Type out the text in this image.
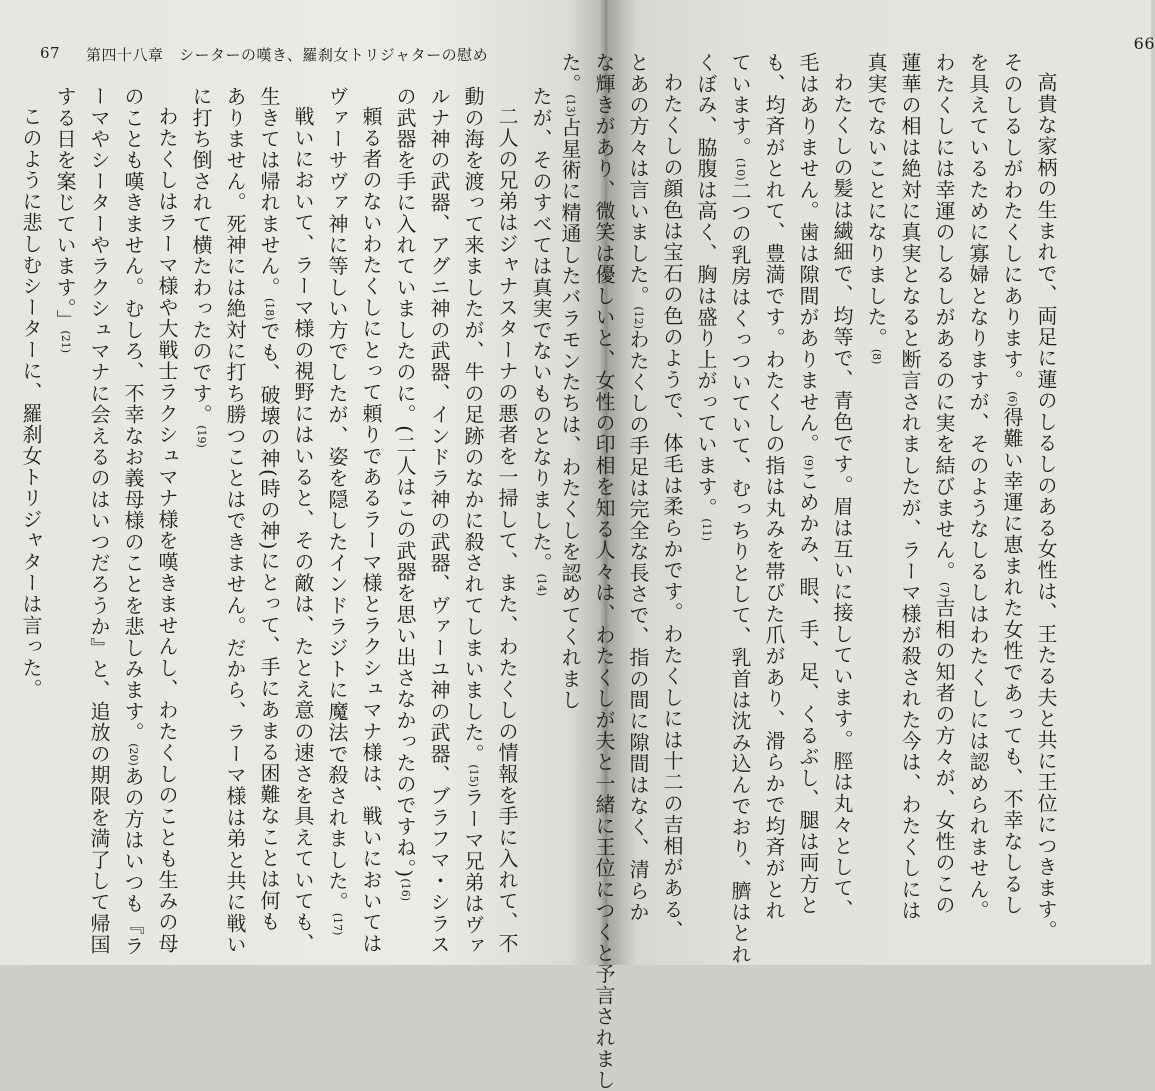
67 第四十八章　シーターの嘆き、羅刹女トリジャターの慰め
たが、そのすべては真実でないものとなりました。(14)
二人の兄弟はジャナスターナの悪者を一掃して、また、わたくしの情報を手に入れて、不
動の海を渡って来ましたが、牛の足跡のなかに殺されてしまいました。(15)ラーマ兄弟はヴァ
ルナ神の武器、アグニ神の武器、インドラ神の武器、ヴァーユ神の武器、ブラフマ・シラス
の武器を手に入れていましたのに。(二人はこの武器を思い出さなかったのですね。)(16)
頼る者のないわたくしにとって頼りであるラーマ様とラクシュマナ様は、戦いにおいては
ヴァーサヴァ神に等しい方でしたが、姿を隠したインドラジトに魔法で殺されました。(17)
戦いにおいて、ラーマ様の視野にはいると、その敵は、たとえ意の速さを具えていても、
生きては帰れません。(18)でも、破壊の神(時の神)にとって、手にあまる困難なことは何も
ありません。死神には絶対に打ち勝つことはできません。だから、ラーマ様は弟と共に戦い
に打ち倒されて横たわったのです。(19)
わたくしはラーマ様や大戦士ラクシュマナ様を嘆きませんし、わたくしのことも生みの母
のことも嘆きません。むしろ、不幸なお義母様のことを悲しみます。(20)あの方はいつも『ラ
ーマやシーターやラクシュマナに会えるのはいつだろうか』と、追放の期限を満了して帰国
する日を案じています。」(21)
このように悲しむシーターに、羅刹女トリジャターは言った。
66
高貴な家柄の生まれで、両足に蓮のしるしのある女性は、王たる夫と共に王位につきます。
そのしるしがわたくしにあります。(6)得難い幸運に恵まれた女性であっても、不幸なしるし
を具えているために寡婦となりますが、そのようなしるしはわたくしには認められません。
わたくしには幸運のしるしがあるのに実を結びません。(7)吉相の知者の方々が、女性のこの
蓮華の相は絶対に真実となると断言されましたが、ラーマ様が殺された今は、わたくしには
真実でないことになりました。(8)
わたくしの髪は繊細で、均等で、青色です。眉は互いに接しています。脛は丸々として、
毛はありません。歯は隙間がありません。(9)こめかみ、眼、手、足、くるぶし、腿は両方と
も、均斉がとれて、豊満です。わたくしの指は丸みを帯びた爪があり、滑らかで均斉がとれ
ています。(10)二つの乳房はくっついていて、むっちりとして、乳首は沈み込んでおり、臍はとれ
くぼみ、脇腹は高く、胸は盛り上がっています。(11)
わたくしの顔色は宝石の色のようで、体毛は柔らかです。わたくしには十二の吉相がある、
とあの方々は言いました。(12)わたくしの手足は完全な長さで、指の間に隙間はなく、清らか
な輝きがあり、微笑は優しいと、女性の印相を知る人々は、わたくしが夫と一緒に王位につくと予言されまし
た。(13)占星術に精通したバラモンたちは、わたくしを認めてくれまし
